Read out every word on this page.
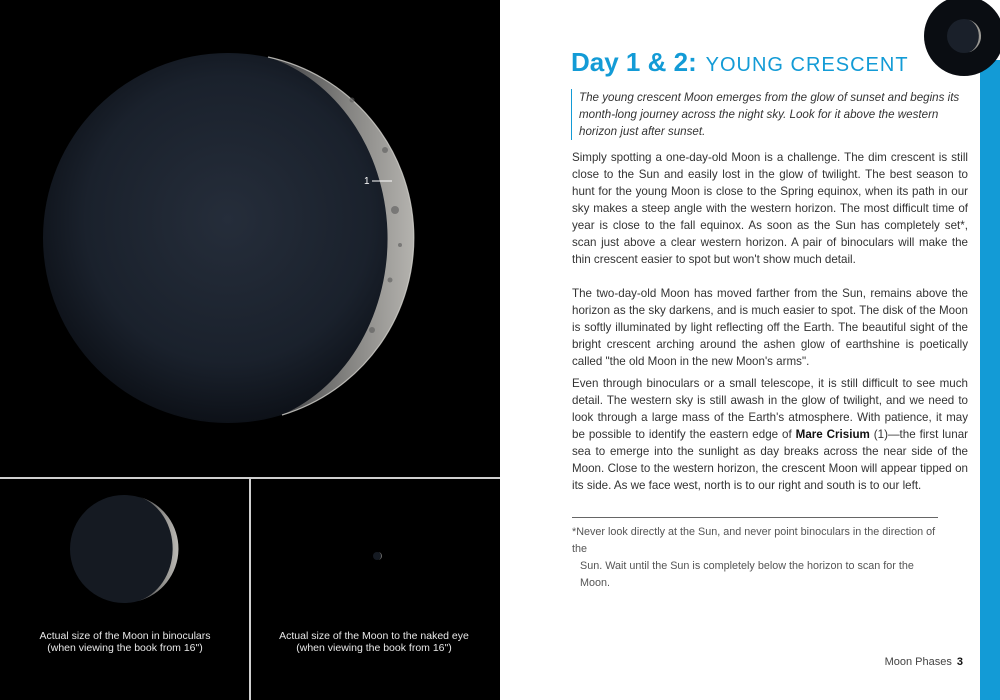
1
Actual size of the Moon in binoculars
(when viewing the book from 16")
Actual size of the Moon to the naked eye
(when viewing the book from 16")
Day 1 & 2: YOUNG CRESCENT
The young crescent Moon emerges from the glow of sunset and begins its month-long journey across the night sky. Look for it above the western horizon just after sunset.

Simply spotting a one-day-old Moon is a challenge. The dim crescent is still close to the Sun and easily lost in the glow of twilight. The best season to hunt for the young Moon is close to the Spring equinox, when its path in our sky makes a steep angle with the western horizon. The most difficult time of year is close to the fall equinox. As soon as the Sun has completely set*, scan just above a clear western horizon. A pair of binoculars will make the thin crescent easier to spot but won't show much detail.

The two-day-old Moon has moved farther from the Sun, remains above the horizon as the sky darkens, and is much easier to spot. The disk of the Moon is softly illuminated by light reflecting off the Earth. The beautiful sight of the bright crescent arching around the ashen glow of earthshine is poetically called "the old Moon in the new Moon's arms".

Even through binoculars or a small telescope, it is still difficult to see much detail. The western sky is still awash in the glow of twilight, and we need to look through a large mass of the Earth's atmosphere. With patience, it may be possible to identify the eastern edge of Mare Crisium (1)—the first lunar sea to emerge into the sunlight as day breaks across the near side of the Moon. Close to the western horizon, the crescent Moon will appear tipped on its side. As we face west, north is to our right and south is to our left.

*Never look directly at the Sun, and never point binoculars in the direction of the
Sun. Wait until the Sun is completely below the horizon to scan for the Moon.
Moon Phases 3
